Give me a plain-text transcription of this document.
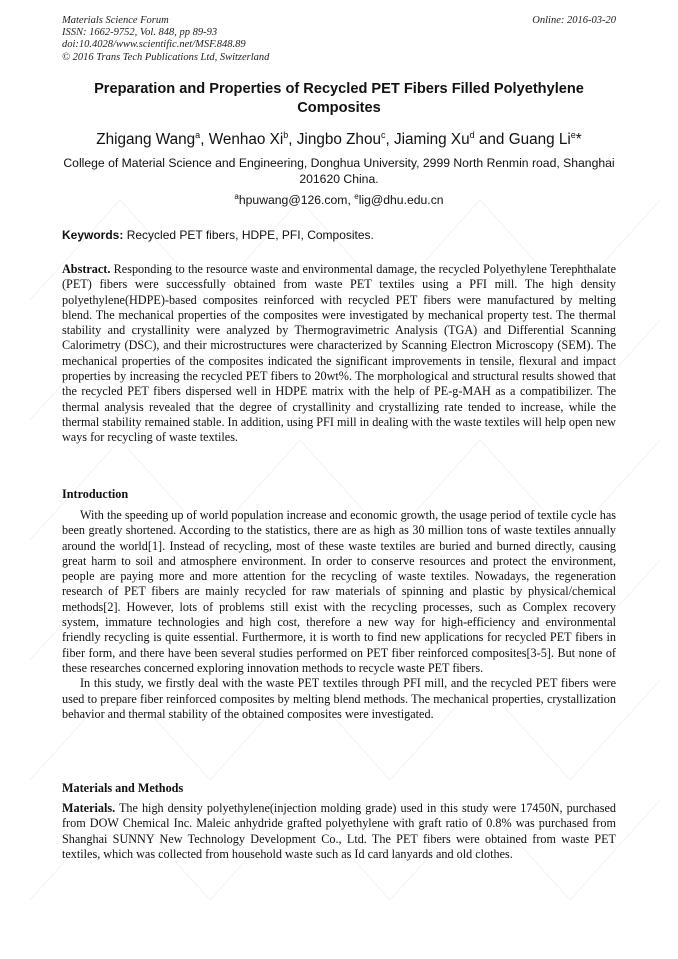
Materials Science Forum
ISSN: 1662-9752, Vol. 848, pp 89-93
doi:10.4028/www.scientific.net/MSF.848.89
© 2016 Trans Tech Publications Ltd, Switzerland
Online: 2016-03-20
Preparation and Properties of Recycled PET Fibers Filled Polyethylene Composites
Zhigang Wang$^a$, Wenhao Xi$^b$, Jingbo Zhou$^c$, Jiaming Xu$^d$ and Guang Li$^e$*
College of Material Science and Engineering, Donghua University, 2999 North Renmin road, Shanghai 201620 China.
$^a$hpuwang@126.com, $^e$lig@dhu.edu.cn
Keywords: Recycled PET fibers, HDPE, PFI, Composites.

Abstract. Responding to the resource waste and environmental damage, the recycled Polyethylene Terephthalate (PET) fibers were successfully obtained from waste PET textiles using a PFI mill. The high density polyethylene(HDPE)-based composites reinforced with recycled PET fibers were manufactured by melting blend. The mechanical properties of the composites were investigated by mechanical property test. The thermal stability and crystallinity were analyzed by Thermogravimetric Analysis (TGA) and Differential Scanning Calorimetry (DSC), and their microstructures were characterized by Scanning Electron Microscopy (SEM). The mechanical properties of the composites indicated the significant improvements in tensile, flexural and impact properties by increasing the recycled PET fibers to 20wt%. The morphological and structural results showed that the recycled PET fibers dispersed well in HDPE matrix with the help of PE-g-MAH as a compatibilizer. The thermal analysis revealed that the degree of crystallinity and crystallizing rate tended to increase, while the thermal stability remained stable. In addition, using PFI mill in dealing with the waste textiles will help open new ways for recycling of waste textiles.

Introduction

With the speeding up of world population increase and economic growth, the usage period of textile cycle has been greatly shortened. According to the statistics, there are as high as 30 million tons of waste textiles annually around the world[1]. Instead of recycling, most of these waste textiles are buried and burned directly, causing great harm to soil and atmosphere environment. In order to conserve resources and protect the environment, people are paying more and more attention for the recycling of waste textiles. Nowadays, the regeneration research of PET fibers are mainly recycled for raw materials of spinning and plastic by physical/chemical methods[2]. However, lots of problems still exist with the recycling processes, such as Complex recovery system, immature technologies and high cost, therefore a new way for high-efficiency and environmental friendly recycling is quite essential. Furthermore, it is worth to find new applications for recycled PET fibers in fiber form, and there have been several studies performed on PET fiber reinforced composites[3-5]. But none of these researches concerned exploring innovation methods to recycle waste PET fibers.

In this study, we firstly deal with the waste PET textiles through PFI mill, and the recycled PET fibers were used to prepare fiber reinforced composites by melting blend methods. The mechanical properties, crystallization behavior and thermal stability of the obtained composites were investigated.

Materials and Methods

Materials. The high density polyethylene(injection molding grade) used in this study were 17450N, purchased from DOW Chemical Inc. Maleic anhydride grafted polyethylene with graft ratio of 0.8% was purchased from Shanghai SUNNY New Technology Development Co., Ltd. The PET fibers were obtained from waste PET textiles, which was collected from household waste such as Id card lanyards and old clothes.
